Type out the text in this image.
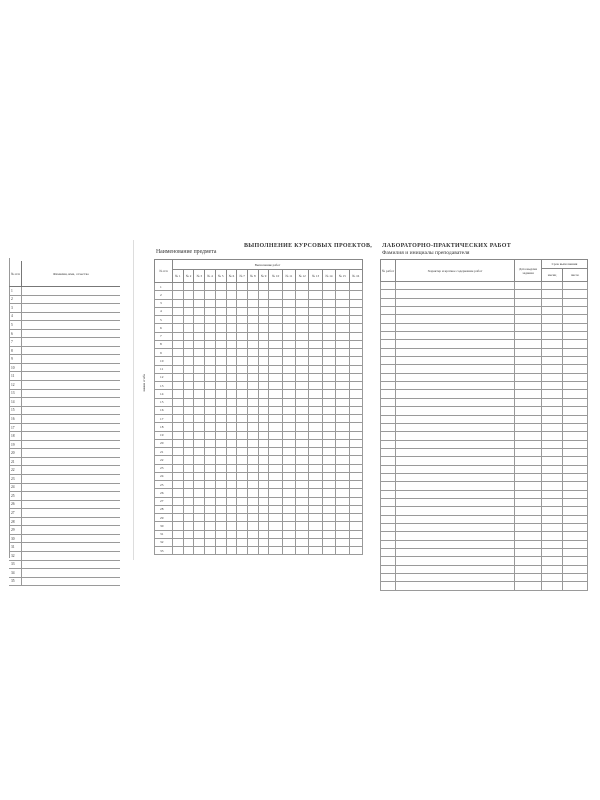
№ п/п	Фамилия, имя, отчество
1	
2	
3	
4	
5	
6	
7	
8	
9	
10	
11	
12	
13	
14	
15	
16	
17	
18	
19	
20	
21	
22	
23	
24	
25	
26	
27	
28	
29	
30	
31	
32	
33	
34	
35	
линия сгиба
ВЫПОЛНЕНИЕ КУРСОВЫХ ПРОЕКТОВ,
Наименование предмета
№ п/п	Выполнение работ															
	№ 1	№ 2	№ 3	№ 4	№ 5	№ 6	№ 7	№ 8	№ 9	№ 10	№ 11	№ 12	№ 13	№ 14	№ 15	№ 16
1																
2																
3																
4																
5																
6																
7																
8																
9																
10																
11																
12																
13																
14																
15																
16																
17																
18																
19																
20																
21																
22																
23																
24																
25																
26																
27																
28																
29																
30																
31																
32																
33																
ЛАБОРАТОРНО-ПРАКТИЧЕСКИХ РАБОТ
Фамилия и инициалы преподавателя
№ работ	Характер и краткое содержание работ	Дата выдачи задания	Срок выполнения	
			месяц	число
